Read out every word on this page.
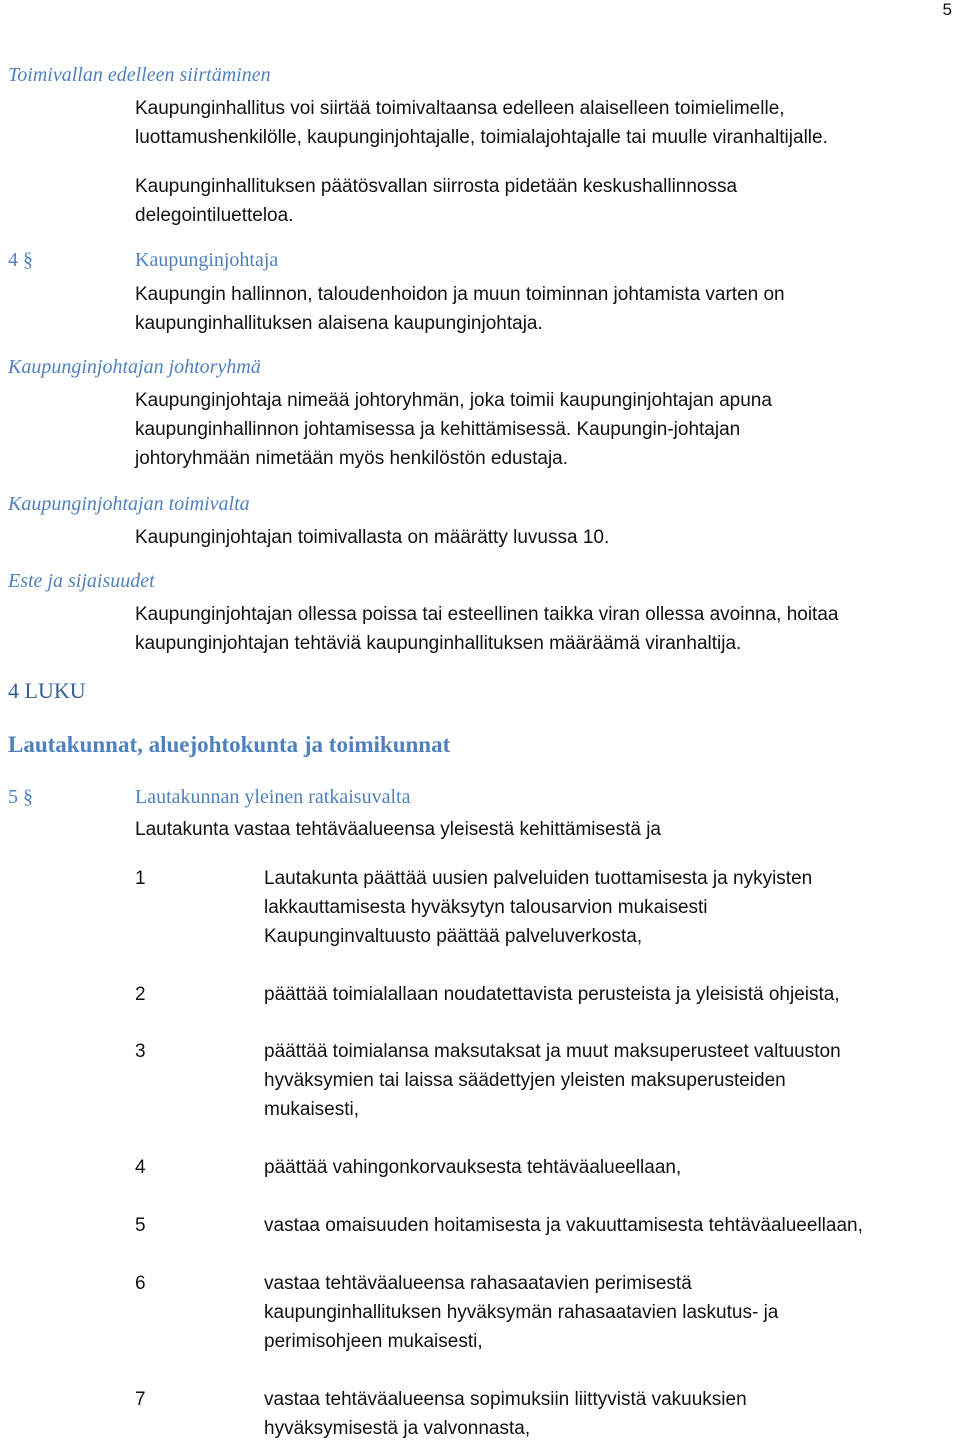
5
Toimivallan edelleen siirtäminen
Kaupunginhallitus voi siirtää toimivaltaansa edelleen alaiselleen toimielimelle,
luottamushenkilölle, kaupunginjohtajalle, toimialajohtajalle tai muulle viranhaltijalle.
Kaupunginhallituksen päätösvallan siirrosta pidetään keskushallinnossa
delegointiluetteloa.
4 §	Kaupunginjohtaja
Kaupungin hallinnon, taloudenhoidon ja muun toiminnan johtamista varten on
kaupunginhallituksen alaisena kaupunginjohtaja.
Kaupunginjohtajan johtoryhmä
Kaupunginjohtaja nimeää johtoryhmän, joka toimii kaupunginjohtajan apuna
kaupunginhallinnon johtamisessa ja kehittämisessä. Kaupungin-johtajan
johtoryhmään nimetään myös henkilöstön edustaja.
Kaupunginjohtajan toimivalta
Kaupunginjohtajan toimivallasta on määrätty luvussa 10.
Este ja sijaisuudet
Kaupunginjohtajan ollessa poissa tai esteellinen taikka viran ollessa avoinna, hoitaa
kaupunginjohtajan tehtäviä kaupunginhallituksen määräämä viranhaltija.
4 LUKU
Lautakunnat, aluejohtokunta ja toimikunnat
5 §	Lautakunnan yleinen ratkaisuvalta
Lautakunta vastaa tehtäväalueensa yleisestä kehittämisestä ja
1	Lautakunta päättää uusien palveluiden tuottamisesta ja nykyisten
lakkauttamisesta hyväksytyn talousarvion mukaisesti
Kaupunginvaltuusto päättää palveluverkosta,
2	päättää toimialallaan noudatettavista perusteista ja yleisistä ohjeista,
3	päättää toimialansa maksutaksat ja muut maksuperusteet valtuuston
hyväksymien tai laissa säädettyjen yleisten maksuperusteiden
mukaisesti,
4	päättää vahingonkorvauksesta tehtäväalueellaan,
5	vastaa omaisuuden hoitamisesta ja vakuuttamisesta tehtäväalueellaan,
6	vastaa tehtäväalueensa rahasaatavien perimisestä
kaupunginhallituksen hyväksymän rahasaatavien laskutus- ja
perimisohjeen mukaisesti,
7	vastaa tehtäväalueensa sopimuksiin liittyvistä vakuuksien
hyväksymisestä ja valvonnasta,
